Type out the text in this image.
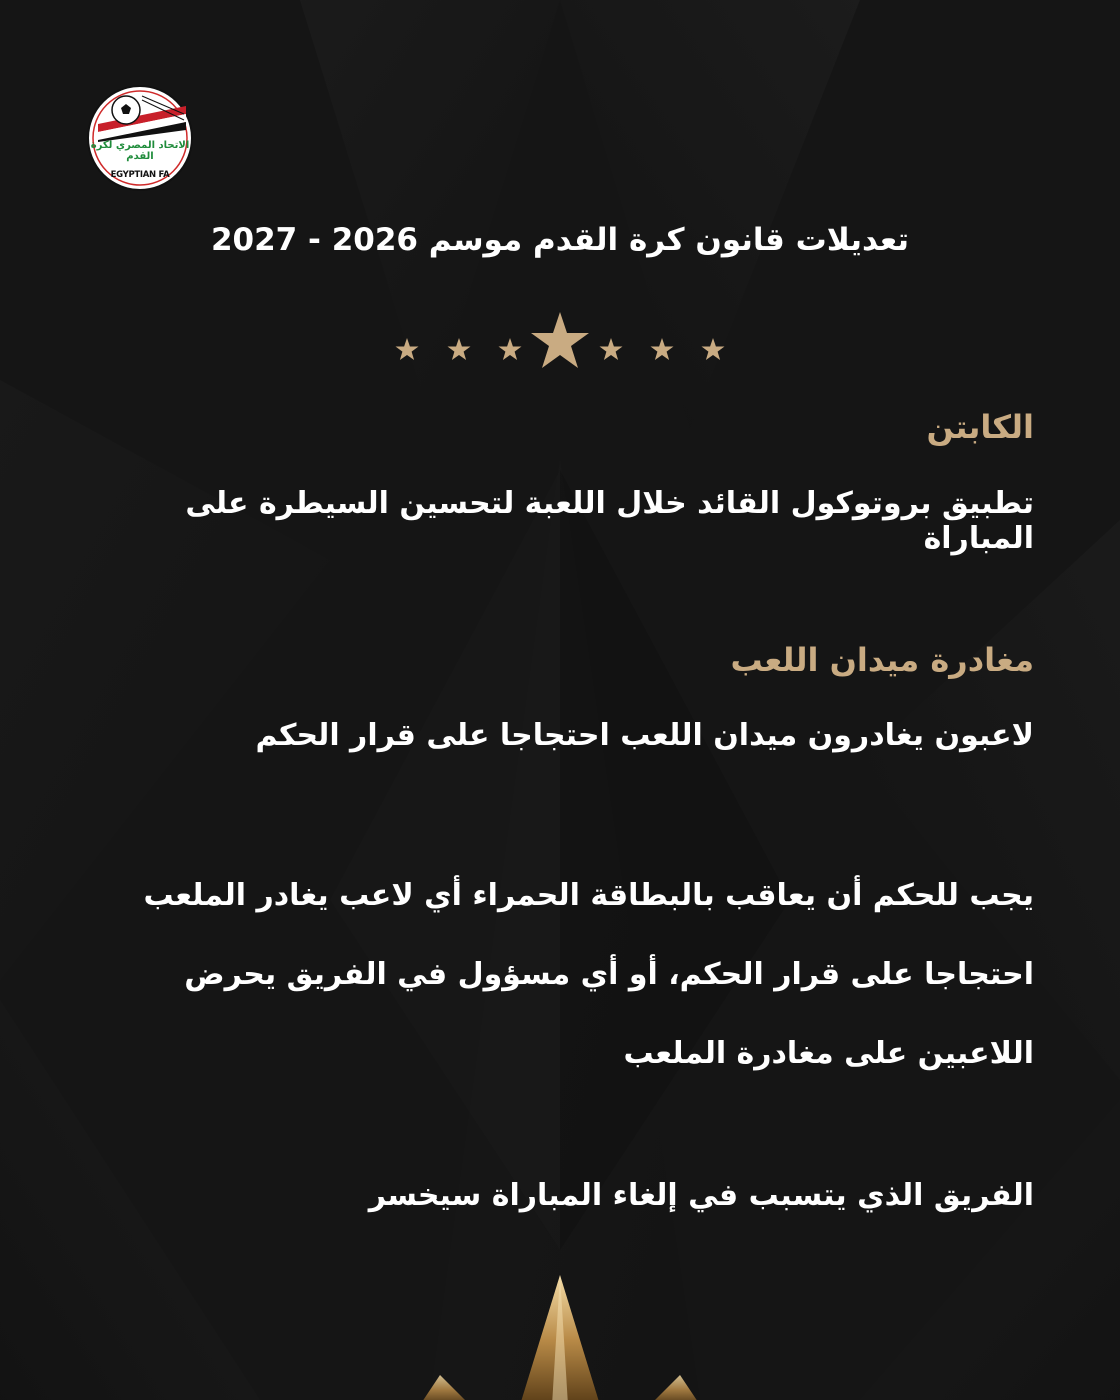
الاتحاد المصري لكرة القدم
EGYPTIAN FA
تعديلات قانون كرة القدم موسم 2026 - 2027
الكابتن
تطبيق بروتوكول القائد خلال اللعبة لتحسين السيطرة على المباراة
مغادرة ميدان اللعب
لاعبون يغادرون ميدان اللعب احتجاجا على قرار الحكم
يجب للحكم أن يعاقب بالبطاقة الحمراء أي لاعب يغادر الملعب احتجاجا على قرار الحكم، أو أي مسؤول في الفريق يحرض اللاعبين على مغادرة الملعب
الفريق الذي يتسبب في إلغاء المباراة سيخسر
